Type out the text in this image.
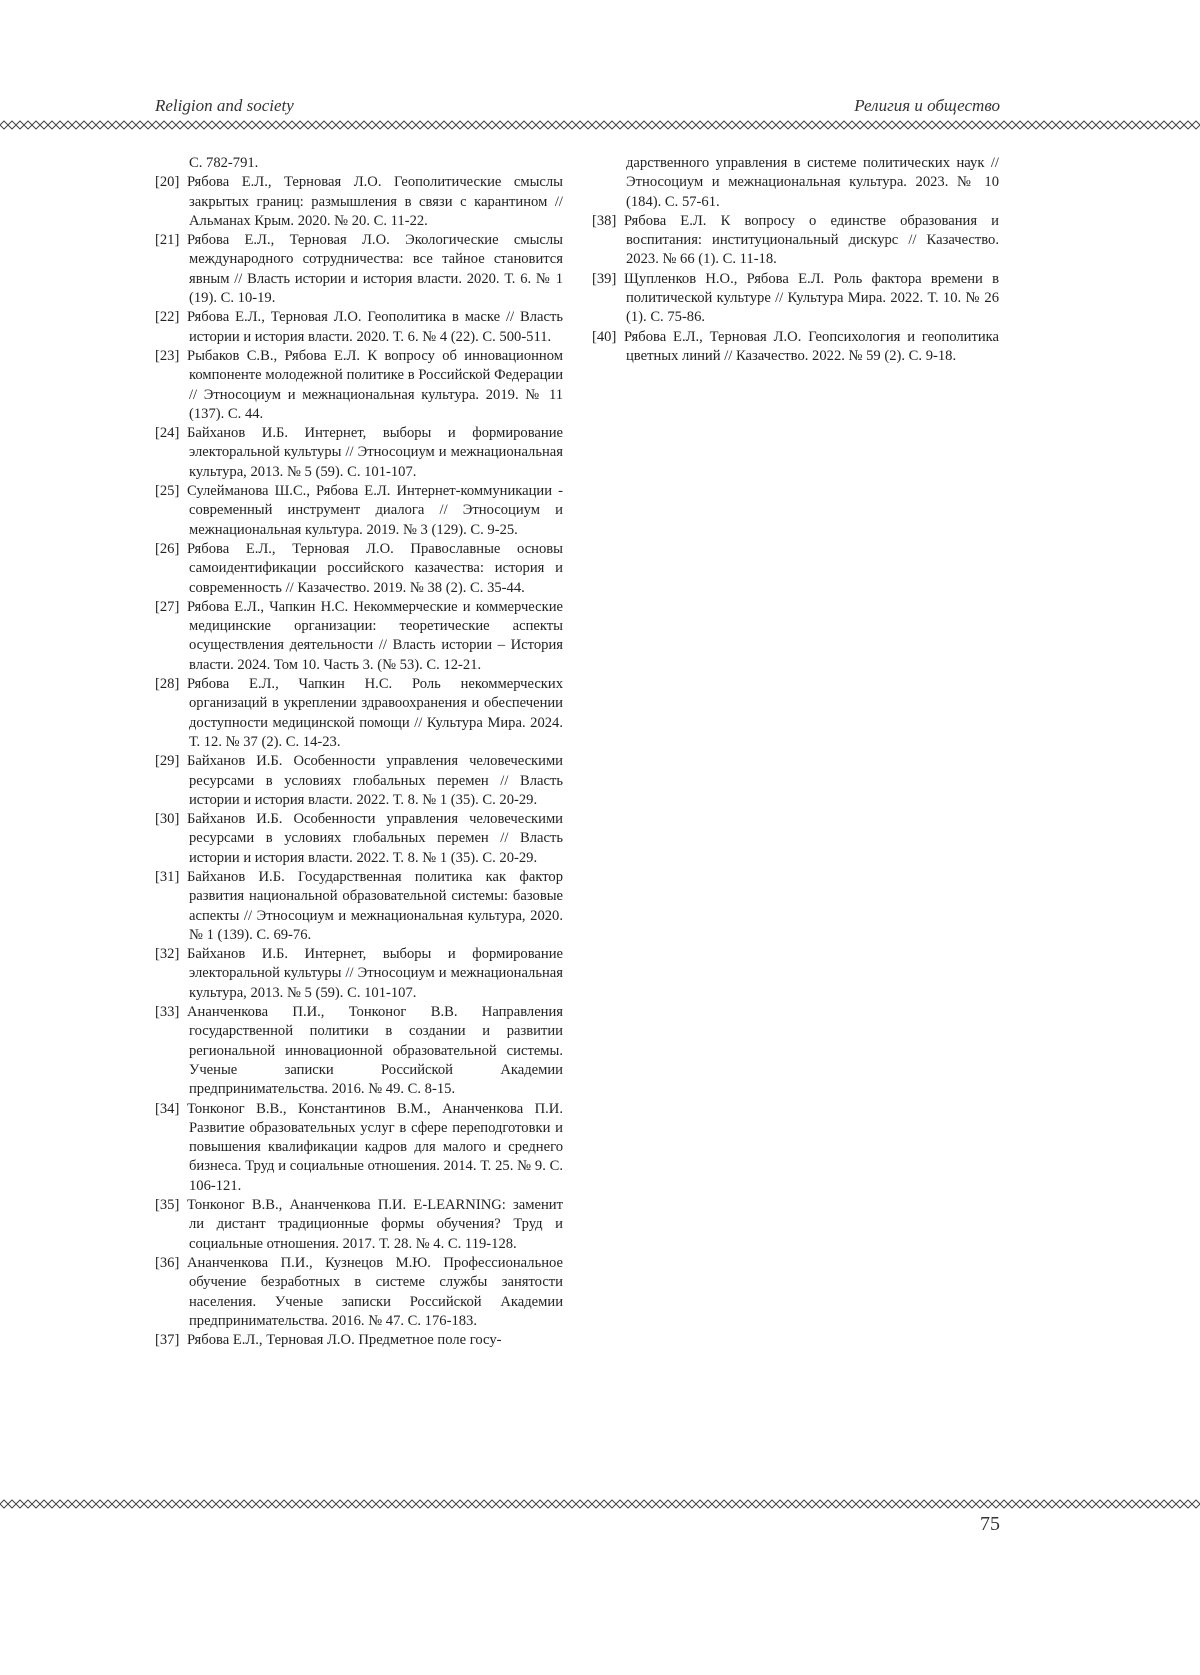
Religion and society	Религия и общество

С. 782-791.

[20] Рябова Е.Л., Терновая Л.О. Геополитические смыслы закрытых границ: размышления в связи с карантином // Альманах Крым. 2020. № 20. С. 11-22.

[21] Рябова Е.Л., Терновая Л.О. Экологические смыслы международного сотрудничества: все тайное становится явным // Власть истории и история власти. 2020. Т. 6. № 1 (19). С. 10-19.

[22] Рябова Е.Л., Терновая Л.О. Геополитика в маске // Власть истории и история власти. 2020. Т. 6. № 4 (22). С. 500-511.

[23] Рыбаков С.В., Рябова Е.Л. К вопросу об инновационном компоненте молодежной политике в Российской Федерации // Этносоциум и межнациональная культура. 2019. № 11 (137). С. 44.

[24] Байханов И.Б. Интернет, выборы и формирование электоральной культуры // Этносоциум и межнациональная культура, 2013. № 5 (59). С. 101-107.

[25] Сулейманова Ш.С., Рябова Е.Л. Интернет-коммуникации - современный инструмент диалога // Этносоциум и межнациональная культура. 2019. № 3 (129). С. 9-25.

[26] Рябова Е.Л., Терновая Л.О. Православные основы самоидентификации российского казачества: история и современность // Казачество. 2019. № 38 (2). С. 35-44.

[27] Рябова Е.Л., Чапкин Н.С. Некоммерческие и коммерческие медицинские организации: теоретические аспекты осуществления деятельности // Власть истории – История власти. 2024. Том 10. Часть 3. (№ 53). С. 12-21.

[28] Рябова Е.Л., Чапкин Н.С. Роль некоммерческих организаций в укреплении здравоохранения и обеспечении доступности медицинской помощи // Культура Мира. 2024. Т. 12. № 37 (2). С. 14-23.

[29] Байханов И.Б. Особенности управления человеческими ресурсами в условиях глобальных перемен // Власть истории и история власти. 2022. Т. 8. № 1 (35). С. 20-29.

[30] Байханов И.Б. Особенности управления человеческими ресурсами в условиях глобальных перемен // Власть истории и история власти. 2022. Т. 8. № 1 (35). С. 20-29.

[31] Байханов И.Б. Государственная политика как фактор развития национальной образовательной системы: базовые аспекты // Этносоциум и межнациональная культура, 2020. № 1 (139). С. 69-76.

[32] Байханов И.Б. Интернет, выборы и формирование электоральной культуры // Этносоциум и межнациональная культура, 2013. № 5 (59). С. 101-107.

[33] Ананченкова П.И., Тонконог В.В. Направления государственной политики в создании и развитии региональной инновационной образовательной системы. Ученые записки Российской Академии предпринимательства. 2016. № 49. С. 8-15.

[34] Тонконог В.В., Константинов В.М., Ананченкова П.И. Развитие образовательных услуг в сфере переподготовки и повышения квалификации кадров для малого и среднего бизнеса. Труд и социальные отношения. 2014. Т. 25. № 9. С. 106-121.

[35] Тонконог В.В., Ананченкова П.И. E-LEARNING: заменит ли дистант традиционные формы обучения? Труд и социальные отношения. 2017. Т. 28. № 4. С. 119-128.

[36] Ананченкова П.И., Кузнецов М.Ю. Профессиональное обучение безработных в системе службы занятости населения. Ученые записки Российской Академии предпринимательства. 2016. № 47. С. 176-183.

[37] Рябова Е.Л., Терновая Л.О. Предметное поле госу-

дарственного управления в системе политических наук // Этносоциум и межнациональная культура. 2023. № 10 (184). С. 57-61.

[38] Рябова Е.Л. К вопросу о единстве образования и воспитания: институциональный дискурс // Казачество. 2023. № 66 (1). С. 11-18.

[39] Щупленков Н.О., Рябова Е.Л. Роль фактора времени в политической культуре // Культура Мира. 2022. Т. 10. № 26 (1). С. 75-86.

[40] Рябова Е.Л., Терновая Л.О. Геопсихология и геополитика цветных линий // Казачество. 2022. № 59 (2). С. 9-18.

75
